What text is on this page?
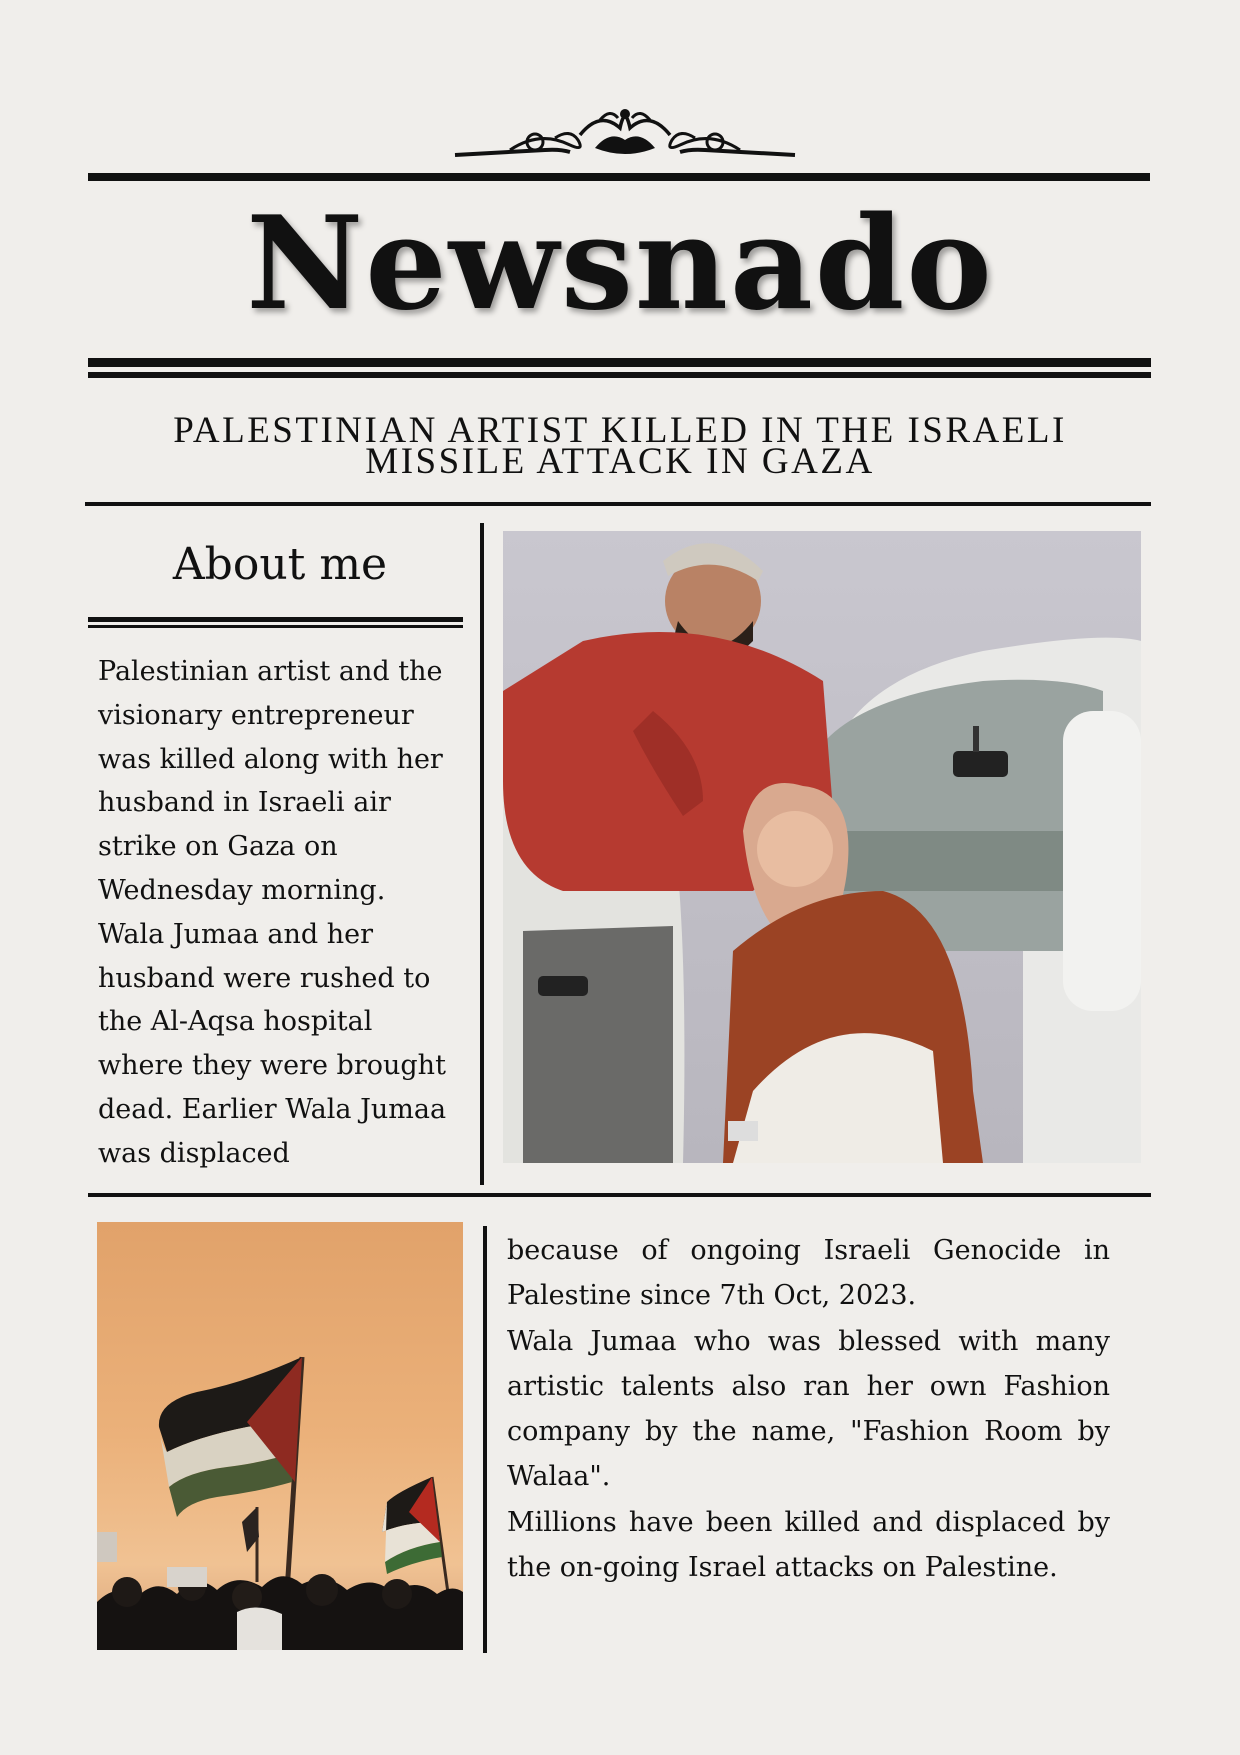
Newsnado
PALESTINIAN ARTIST KILLED IN THE ISRAELI
MISSILE ATTACK IN GAZA
About me
Palestinian artist and the
visionary entrepreneur
was killed along with her
husband in Israeli air
strike on Gaza on
Wednesday morning.
Wala Jumaa and her
husband were rushed to
the Al-Aqsa hospital
where they were brought
dead. Earlier Wala Jumaa
was displaced

because of ongoing Israeli Genocide in Palestine since 7th Oct, 2023.

Wala Jumaa who was blessed with many artistic talents also ran her own Fashion company by the name, "Fashion Room by Walaa".

Millions have been killed and displaced by the on-going Israel attacks on Palestine.
